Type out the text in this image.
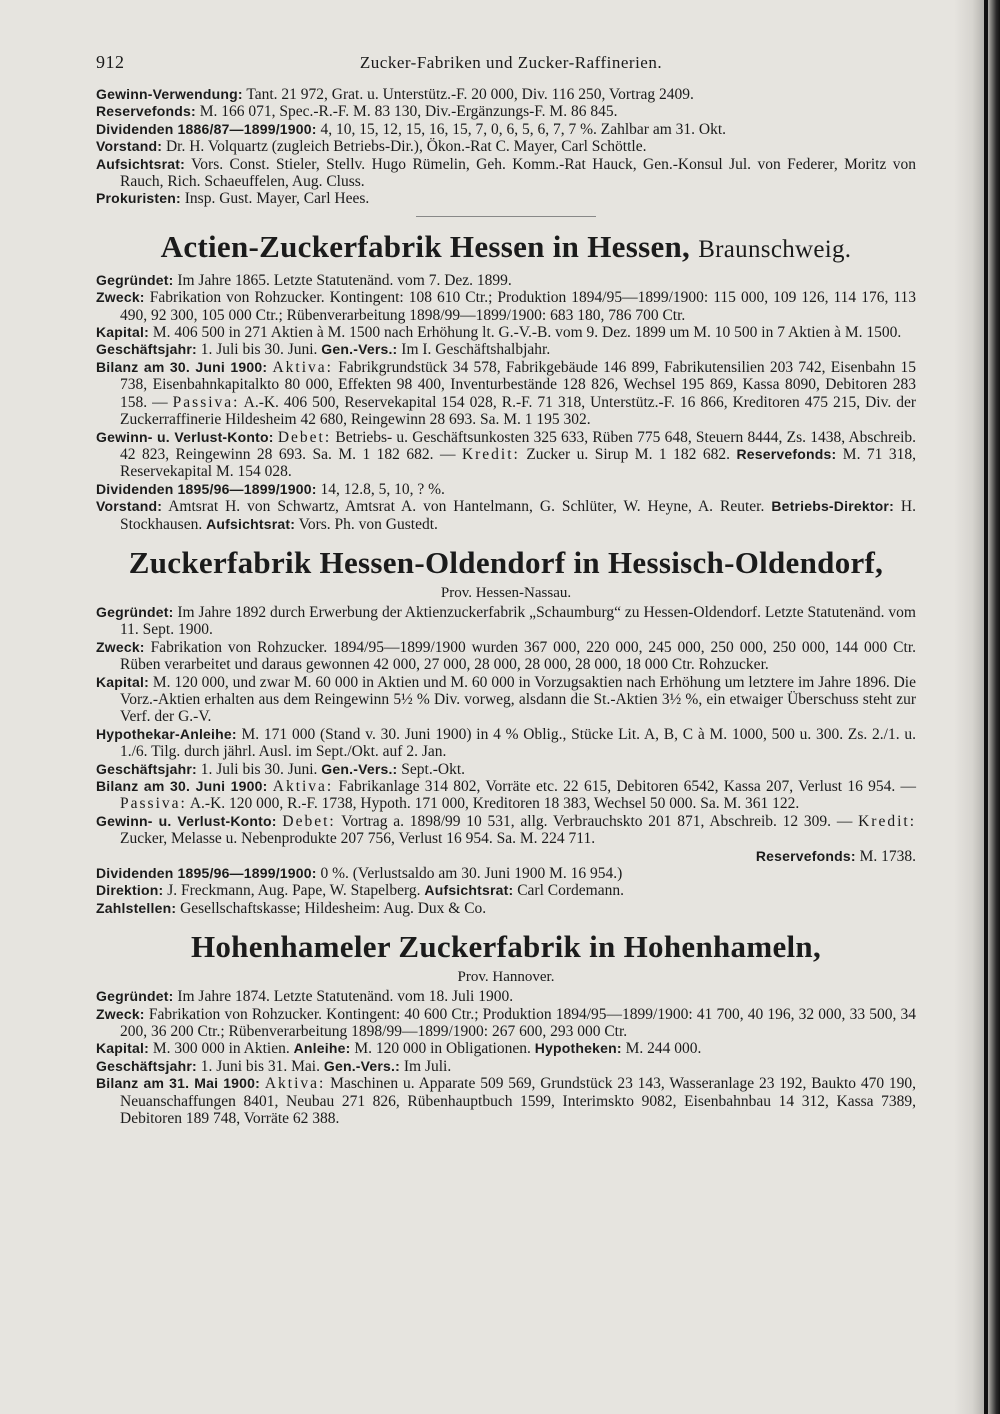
912	Zucker-Fabriken und Zucker-Raffinerien.

Gewinn-Verwendung: Tant. 21 972, Grat. u. Unterstütz.-F. 20 000, Div. 116 250, Vortrag 2409.

Reservefonds: M. 166 071, Spec.-R.-F. M. 83 130, Div.-Ergänzungs-F. M. 86 845.

Dividenden 1886/87—1899/1900: 4, 10, 15, 12, 15, 16, 15, 7, 0, 6, 5, 6, 7, 7 %. Zahlbar am 31. Okt.

Vorstand: Dr. H. Volquartz (zugleich Betriebs-Dir.), Ökon.-Rat C. Mayer, Carl Schöttle.

Aufsichtsrat: Vors. Const. Stieler, Stellv. Hugo Rümelin, Geh. Komm.-Rat Hauck, Gen.-Konsul Jul. von Federer, Moritz von Rauch, Rich. Schaeuffelen, Aug. Cluss.

Prokuristen: Insp. Gust. Mayer, Carl Hees.

Actien-Zuckerfabrik Hessen in Hessen, Braunschweig.

Gegründet: Im Jahre 1865. Letzte Statutenänd. vom 7. Dez. 1899.

Zweck: Fabrikation von Rohzucker. Kontingent: 108 610 Ctr.; Produktion 1894/95—1899/1900: 115 000, 109 126, 114 176, 113 490, 92 300, 105 000 Ctr.; Rübenverarbeitung 1898/99—1899/1900: 683 180, 786 700 Ctr.

Kapital: M. 406 500 in 271 Aktien à M. 1500 nach Erhöhung lt. G.-V.-B. vom 9. Dez. 1899 um M. 10 500 in 7 Aktien à M. 1500.

Geschäftsjahr: 1. Juli bis 30. Juni. Gen.-Vers.: Im I. Geschäftshalbjahr.

Bilanz am 30. Juni 1900: Aktiva: Fabrikgrundstück 34 578, Fabrikgebäude 146 899, Fabrikutensilien 203 742, Eisenbahn 15 738, Eisenbahnkapitalkto 80 000, Effekten 98 400, Inventurbestände 128 826, Wechsel 195 869, Kassa 8090, Debitoren 283 158. — Passiva: A.-K. 406 500, Reservekapital 154 028, R.-F. 71 318, Unterstütz.-F. 16 866, Kreditoren 475 215, Div. der Zuckerraffinerie Hildesheim 42 680, Reingewinn 28 693. Sa. M. 1 195 302.

Gewinn- u. Verlust-Konto: Debet: Betriebs- u. Geschäftsunkosten 325 633, Rüben 775 648, Steuern 8444, Zs. 1438, Abschreib. 42 823, Reingewinn 28 693. Sa. M. 1 182 682. — Kredit: Zucker u. Sirup M. 1 182 682. Reservefonds: M. 71 318, Reservekapital M. 154 028.

Dividenden 1895/96—1899/1900: 14, 12.8, 5, 10, ? %.

Vorstand: Amtsrat H. von Schwartz, Amtsrat A. von Hantelmann, G. Schlüter, W. Heyne, A. Reuter. Betriebs-Direktor: H. Stockhausen. Aufsichtsrat: Vors. Ph. von Gustedt.

Zuckerfabrik Hessen-Oldendorf in Hessisch-Oldendorf,
Prov. Hessen-Nassau.

Gegründet: Im Jahre 1892 durch Erwerbung der Aktienzuckerfabrik „Schaumburg“ zu Hessen-Oldendorf. Letzte Statutenänd. vom 11. Sept. 1900.

Zweck: Fabrikation von Rohzucker. 1894/95—1899/1900 wurden 367 000, 220 000, 245 000, 250 000, 250 000, 144 000 Ctr. Rüben verarbeitet und daraus gewonnen 42 000, 27 000, 28 000, 28 000, 28 000, 18 000 Ctr. Rohzucker.

Kapital: M. 120 000, und zwar M. 60 000 in Aktien und M. 60 000 in Vorzugsaktien nach Erhöhung um letztere im Jahre 1896. Die Vorz.-Aktien erhalten aus dem Reingewinn 5½ % Div. vorweg, alsdann die St.-Aktien 3½ %, ein etwaiger Überschuss steht zur Verf. der G.-V.

Hypothekar-Anleihe: M. 171 000 (Stand v. 30. Juni 1900) in 4 % Oblig., Stücke Lit. A, B, C à M. 1000, 500 u. 300. Zs. 2./1. u. 1./6. Tilg. durch jährl. Ausl. im Sept./Okt. auf 2. Jan.

Geschäftsjahr: 1. Juli bis 30. Juni. Gen.-Vers.: Sept.-Okt.

Bilanz am 30. Juni 1900: Aktiva: Fabrikanlage 314 802, Vorräte etc. 22 615, Debitoren 6542, Kassa 207, Verlust 16 954. — Passiva: A.-K. 120 000, R.-F. 1738, Hypoth. 171 000, Kreditoren 18 383, Wechsel 50 000. Sa. M. 361 122.

Gewinn- u. Verlust-Konto: Debet: Vortrag a. 1898/99 10 531, allg. Verbrauchskto 201 871, Abschreib. 12 309. — Kredit: Zucker, Melasse u. Nebenprodukte 207 756, Verlust 16 954. Sa. M. 224 711.

Reservefonds: M. 1738.

Dividenden 1895/96—1899/1900: 0 %. (Verlustsaldo am 30. Juni 1900 M. 16 954.)

Direktion: J. Freckmann, Aug. Pape, W. Stapelberg. Aufsichtsrat: Carl Cordemann.

Zahlstellen: Gesellschaftskasse; Hildesheim: Aug. Dux & Co.

Hohenhameler Zuckerfabrik in Hohenhameln,
Prov. Hannover.

Gegründet: Im Jahre 1874. Letzte Statutenänd. vom 18. Juli 1900.

Zweck: Fabrikation von Rohzucker. Kontingent: 40 600 Ctr.; Produktion 1894/95—1899/1900: 41 700, 40 196, 32 000, 33 500, 34 200, 36 200 Ctr.; Rübenverarbeitung 1898/99—1899/1900: 267 600, 293 000 Ctr.

Kapital: M. 300 000 in Aktien. Anleihe: M. 120 000 in Obligationen. Hypotheken: M. 244 000.

Geschäftsjahr: 1. Juni bis 31. Mai. Gen.-Vers.: Im Juli.

Bilanz am 31. Mai 1900: Aktiva: Maschinen u. Apparate 509 569, Grundstück 23 143, Wasseranlage 23 192, Baukto 470 190, Neuanschaffungen 8401, Neubau 271 826, Rübenhauptbuch 1599, Interimskto 9082, Eisenbahnbau 14 312, Kassa 7389, Debitoren 189 748, Vorräte 62 388.
